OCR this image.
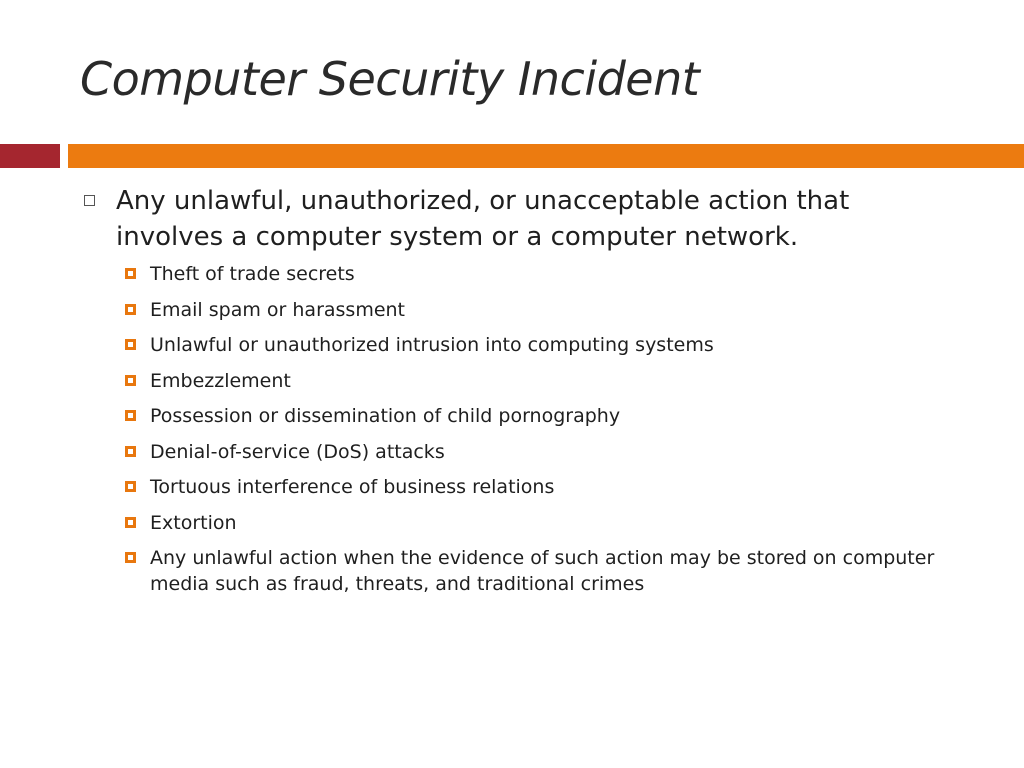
Computer Security Incident
Any unlawful, unauthorized, or unacceptable action that involves a computer system or a computer network.
Theft of trade secrets
Email spam or harassment
Unlawful or unauthorized intrusion into computing systems
Embezzlement
Possession or dissemination of child pornography
Denial-of-service (DoS) attacks
Tortuous interference of business relations
Extortion
Any unlawful action when the evidence of such action may be stored on computer media such as fraud, threats, and traditional crimes
